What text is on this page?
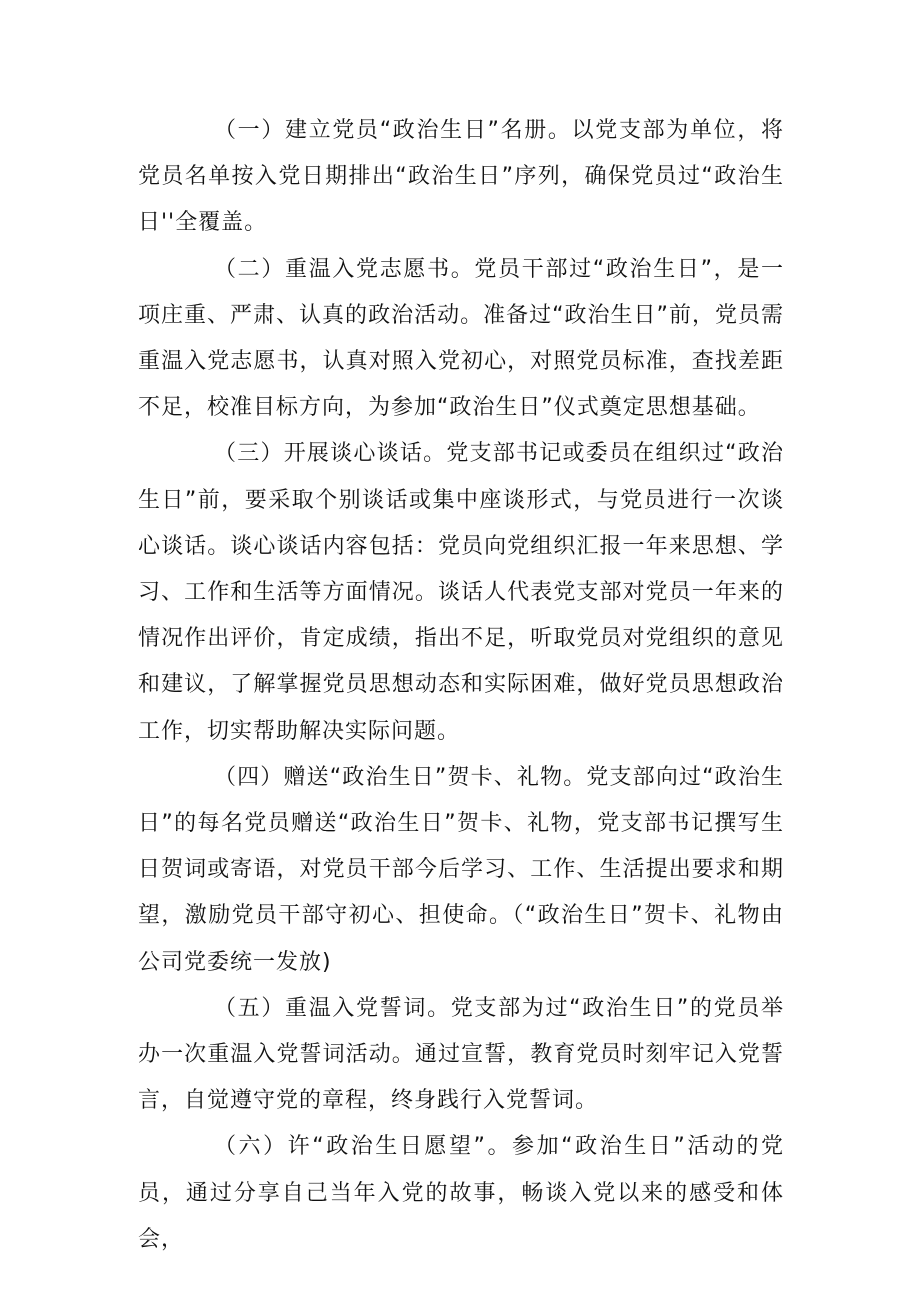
（一）建立党员“政治生日”名册。以党支部为单位，将党员名单按入党日期排出“政治生日”序列，确保党员过“政治生日''全覆盖。

（二）重温入党志愿书。党员干部过“政治生日”，是一项庄重、严肃、认真的政治活动。准备过“政治生日”前，党员需重温入党志愿书，认真对照入党初心，对照党员标准，查找差距不足，校准目标方向，为参加“政治生日”仪式奠定思想基础。

（三）开展谈心谈话。党支部书记或委员在组织过“政治生日”前，要采取个别谈话或集中座谈形式，与党员进行一次谈心谈话。谈心谈话内容包括：党员向党组织汇报一年来思想、学习、工作和生活等方面情况。谈话人代表党支部对党员一年来的情况作出评价，肯定成绩，指出不足，听取党员对党组织的意见和建议，了解掌握党员思想动态和实际困难，做好党员思想政治工作，切实帮助解决实际问题。

（四）赠送“政治生日”贺卡、礼物。党支部向过“政治生日”的每名党员赠送“政治生日”贺卡、礼物，党支部书记撰写生日贺词或寄语，对党员干部今后学习、工作、生活提出要求和期望，激励党员干部守初心、担使命。（“政治生日”贺卡、礼物由公司党委统一发放)

（五）重温入党誓词。党支部为过“政治生日”的党员举办一次重温入党誓词活动。通过宣誓，教育党员时刻牢记入党誓言，自觉遵守党的章程，终身践行入党誓词。

（六）许“政治生日愿望”。参加“政治生日”活动的党员，通过分享自己当年入党的故事，畅谈入党以来的感受和体会，
